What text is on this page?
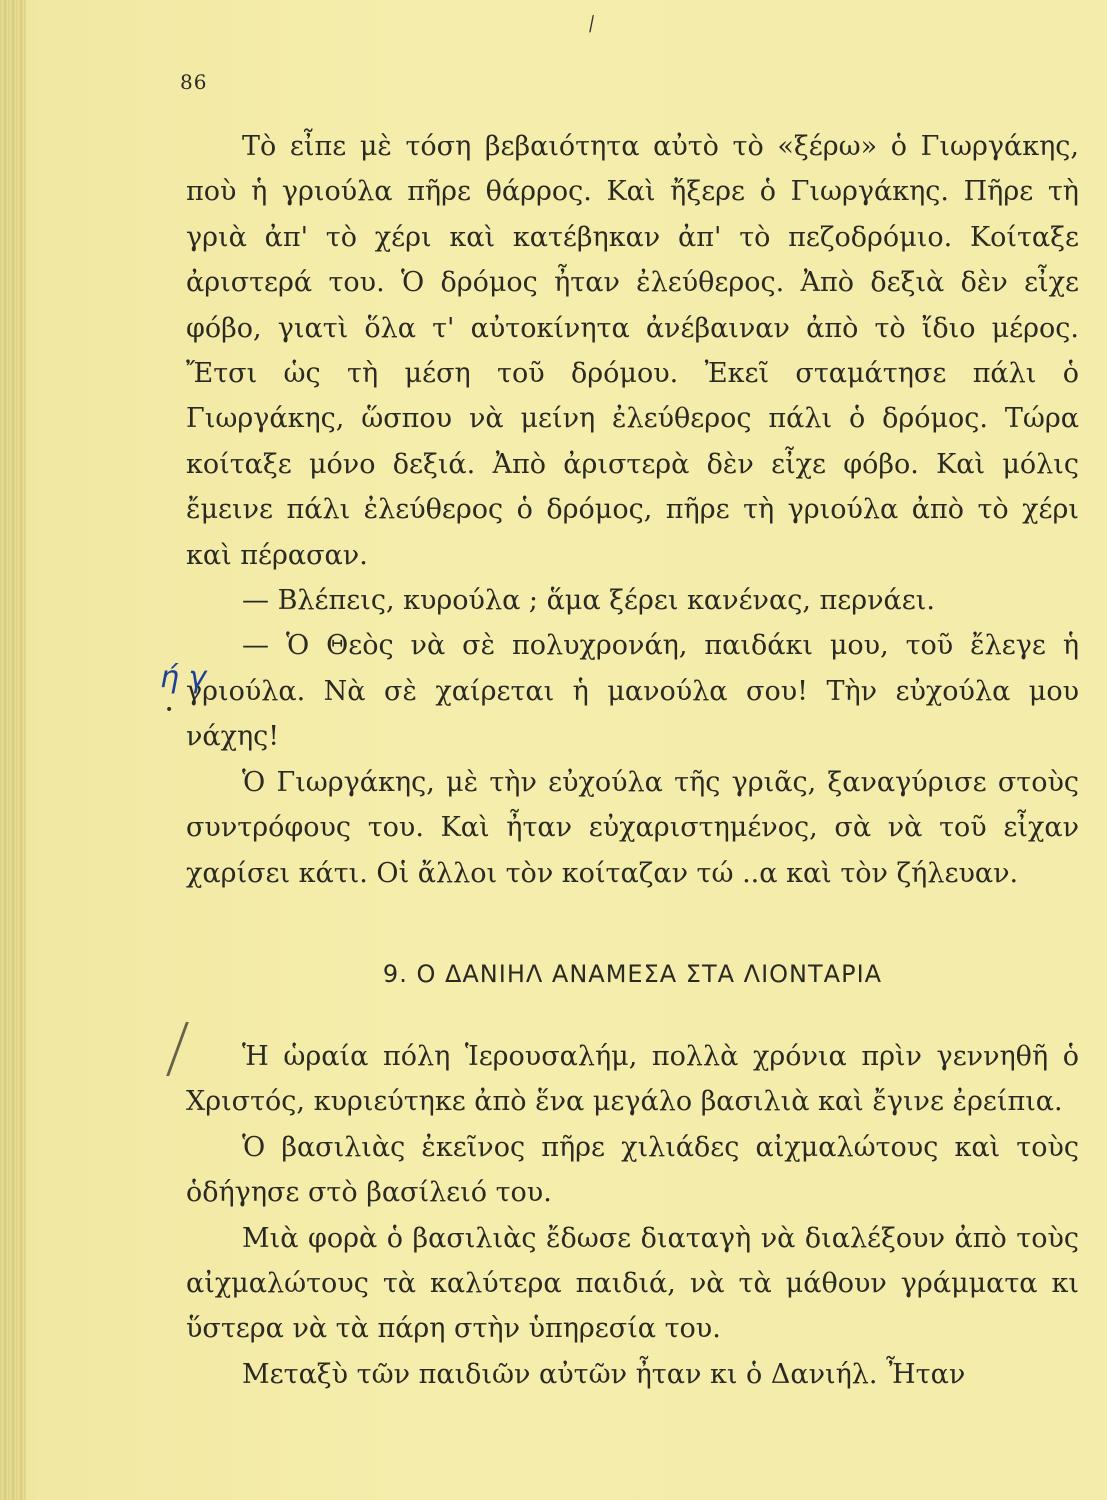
⁄
86

Τὸ εἶπε μὲ τόση βεβαιότητα αὐτὸ τὸ «ξέρω» ὁ Γιωργάκης, ποὺ ἡ γριούλα πῆρε θάρρος. Καὶ ἤξερε ὁ Γιωργάκης. Πῆρε τὴ γριὰ ἀπ' τὸ χέρι καὶ κατέβηκαν ἀπ' τὸ πεζοδρόμιο. Κοίταξε ἀριστερά του. Ὁ δρόμος ἦταν ἐλεύθερος. Ἀπὸ δεξιὰ δὲν εἶχε φόβο, γιατὶ ὅλα τ' αὐτοκίνητα ἀνέβαιναν ἀπὸ τὸ ἴδιο μέρος. Ἔτσι ὡς τὴ μέση τοῦ δρόμου. Ἐκεῖ σταμάτησε πάλι ὁ Γιωργάκης, ὥσπου νὰ μείνη ἐλεύθερος πάλι ὁ δρόμος. Τώρα κοίταξε μόνο δεξιά. Ἀπὸ ἀριστερὰ δὲν εἶχε φόβο. Καὶ μόλις ἔμεινε πάλι ἐλεύθερος ὁ δρόμος, πῆρε τὴ γριούλα ἀπὸ τὸ χέρι καὶ πέρασαν.

— Βλέπεις, κυρούλα ; ἅμα ξέρει κανένας, περνάει.

— Ὁ Θεὸς νὰ σὲ πολυχρονάη, παιδάκι μου, τοῦ ἔλεγε ἡ γριούλα. Νὰ σὲ χαίρεται ἡ μανούλα σου! Τὴν εὐχούλα μου νάχης!

Ὁ Γιωργάκης, μὲ τὴν εὐχούλα τῆς γριᾶς, ξαναγύρισε στοὺς συντρόφους του. Καὶ ἦταν εὐχαριστημένος, σὰ νὰ τοῦ εἶχαν χαρίσει κάτι. Οἱ ἄλλοι τὸν κοίταζαν τώ ..α καὶ τὸν ζήλευαν.

ή γ
•
9. Ο ΔΑΝΙΗΛ ΑΝΑΜΕΣΑ ΣΤΑ ΛΙΟΝΤΑΡΙΑ

Ἡ ὡραία πόλη Ἱερουσαλήμ, πολλὰ χρόνια πρὶν γεννηθῆ ὁ Χριστός, κυριεύτηκε ἀπὸ ἕνα μεγάλο βασιλιὰ καὶ ἔγινε ἐρείπια.

Ὁ βασιλιὰς ἐκεῖνος πῆρε χιλιάδες αἰχμαλώτους καὶ τοὺς ὁδήγησε στὸ βασίλειό του.

Μιὰ φορὰ ὁ βασιλιὰς ἔδωσε διαταγὴ νὰ διαλέξουν ἀπὸ τοὺς αἰχμαλώτους τὰ καλύτερα παιδιά, νὰ τὰ μάθουν γράμματα κι ὕστερα νὰ τὰ πάρη στὴν ὑπηρεσία του.

Μεταξὺ τῶν παιδιῶν αὐτῶν ἦταν κι ὁ Δανιήλ. Ἦταν
